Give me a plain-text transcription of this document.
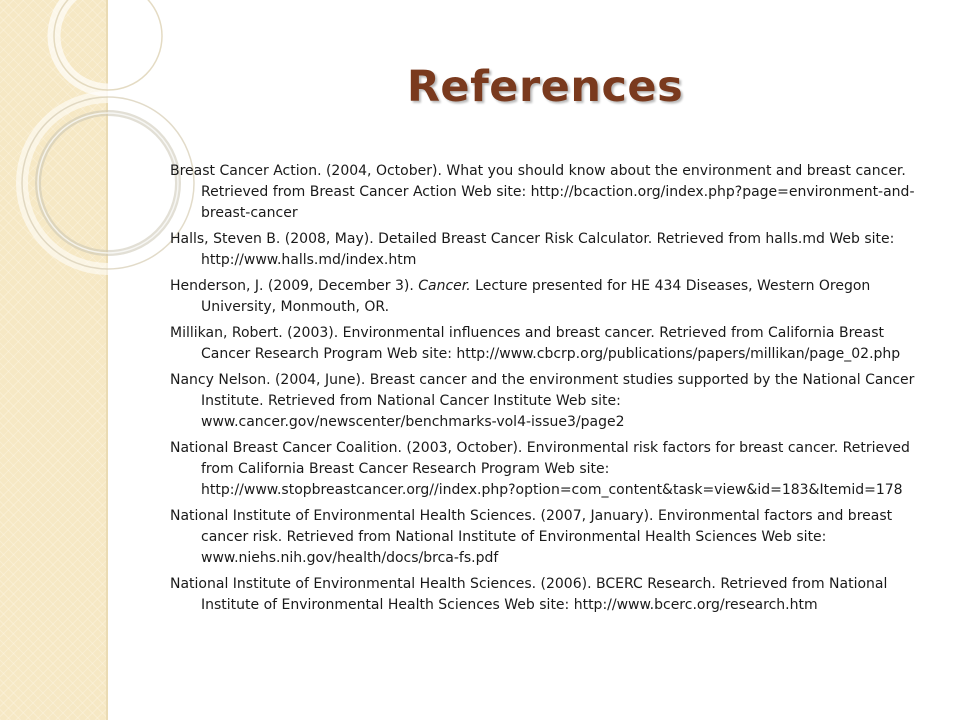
References

Breast Cancer Action. (2004, October). What you should know about the environment and breast cancer. Retrieved from Breast Cancer Action Web site: http://bcaction.org/index.php?page=environment-and-breast-cancer

Halls, Steven B. (2008, May). Detailed Breast Cancer Risk Calculator. Retrieved from halls.md Web site: http://www.halls.md/index.htm

Henderson, J. (2009, December 3). Cancer. Lecture presented for HE 434 Diseases, Western Oregon University, Monmouth, OR.

Millikan, Robert. (2003). Environmental influences and breast cancer. Retrieved from California Breast Cancer Research Program Web site: http://www.cbcrp.org/publications/papers/millikan/page_02.php

Nancy Nelson. (2004, June). Breast cancer and the environment studies supported by the National Cancer Institute. Retrieved from National Cancer Institute Web site: www.cancer.gov/newscenter/benchmarks-vol4-issue3/page2

National Breast Cancer Coalition. (2003, October). Environmental risk factors for breast cancer. Retrieved from California Breast Cancer Research Program Web site: http://www.stopbreastcancer.org//index.php?option=com_content&task=view&id=183&Itemid=178

National Institute of Environmental Health Sciences. (2007, January). Environmental factors and breast cancer risk. Retrieved from National Institute of Environmental Health Sciences Web site: www.niehs.nih.gov/health/docs/brca-fs.pdf

National Institute of Environmental Health Sciences. (2006). BCERC Research. Retrieved from National Institute of Environmental Health Sciences Web site: http://www.bcerc.org/research.htm
